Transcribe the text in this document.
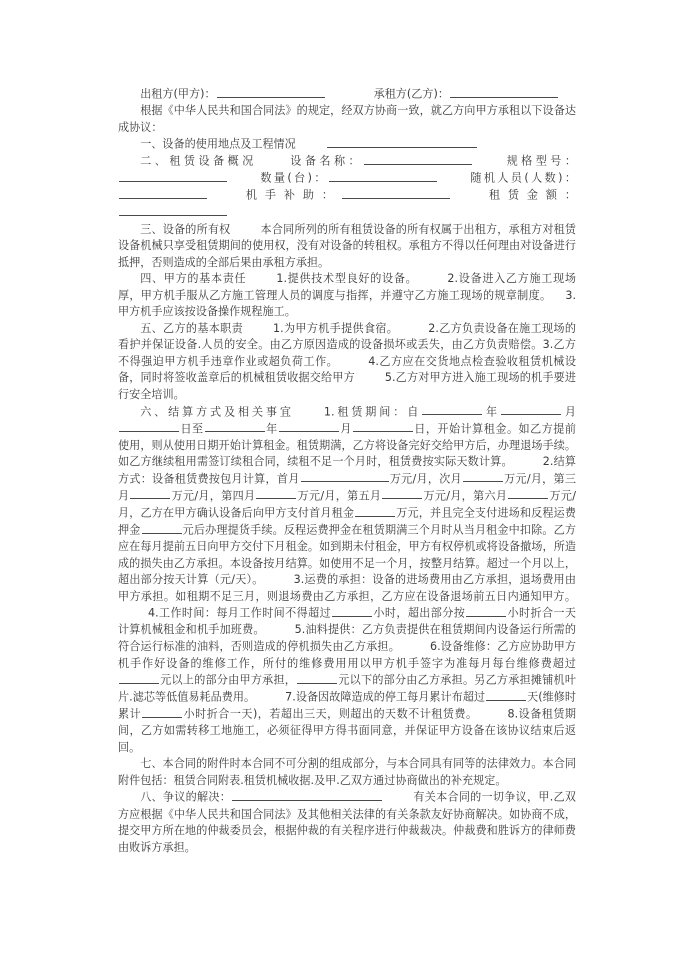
出租方(甲方)：	承租方(乙方)：

根据《中华人民共和国合同法》的规定，经双方协商一致，就乙方向甲方承租以下设备达成协议：

一、设备的使用地点及工程情况

二、租赁设备概况	设备名称：	规格型号：数量(台)：	随机人员(人数)：机手补助：	租赁金额：

三、设备的所有权	本合同所列的所有租赁设备的所有权属于出租方，承租方对租赁设备机械只享受租赁期间的使用权，没有对设备的转租权。承租方不得以任何理由对设备进行抵押，否则造成的全部后果由承租方承担。

四、甲方的基本责任	1.提供技术型良好的设备。	2.设备进入乙方施工现场厚，甲方机手服从乙方施工管理人员的调度与指挥，并遵守乙方施工现场的规章制度。 3.甲方机手应该按设备操作规程施工。

五、乙方的基本职责	1.为甲方机手提供食宿。	2.乙方负责设备在施工现场的看护并保证设备.人员的安全。由乙方原因造成的设备损坏或丢失，由乙方负责赔偿。3.乙方不得强迫甲方机手违章作业或超负荷工作。	4.乙方应在交货地点检查验收租赁机械设备，同时将签收盖章后的机械租赁收据交给甲方	5.乙方对甲方进入施工现场的机手要进行安全培训。

六、结算方式及相关事宜	1.租赁期间：自	年	月日至	年	月	日，开始计算租金。如乙方提前使用，则从使用日期开始计算租金。租赁期满，乙方将设备完好交给甲方后，办理退场手续。如乙方继续租用需签订续租合同，续租不足一个月时，租赁费按实际天数计算。	2.结算方式：设备租赁费按包月计算，首月	万元/月，次月	万元/月，第三月	万元/月，第四月	万元/月，第五月	万元/月，第六月	万元/月，乙方在甲方确认设备后向甲方支付首月租金	万元，并且完全支付进场和反程运费押金	元后办理提货手续。反程运费押金在租赁期满三个月时从当月租金中扣除。乙方应在每月提前五日向甲方交付下月租金。如到期未付租金，甲方有权停机或将设备撤场，所造成的损失由乙方承担。本设备按月结算。如使用不足一个月，按整月结算。超过一个月以上，超出部分按天计算（元/天）。	3.运费的承担：设备的进场费用由乙方承担，退场费用由甲方承担。如租期不足三月，则退场费由乙方承担，乙方应在设备退场前五日内通知甲方。4.工作时间：每月工作时间不得超过	小时，超出部分按	小时折合一天计算机械租金和机手加班费。	5.油料提供：乙方负责提供在租赁期间内设备运行所需的符合运行标准的油料，否则造成的停机损失由乙方承担。	6.设备维修：乙方应协助甲方机手作好设备的维修工作，所付的维修费用用以甲方机手签字为准每月每台维修费超过元以上的部分由甲方承担，	元以下的部分由乙方承担。另乙方承担摊铺机叶片.滤芯等低值易耗品费用。	7.设备因故障造成的停工每月累计布超过	天(维修时累计	小时折合一天)，若超出三天，则超出的天数不计租赁费。	8.设备租赁期间，乙方如需转移工地施工，必须征得甲方得书面同意，并保证甲方设备在该协议结束后返回。

七、本合同的附件时本合同不可分割的组成部分，与本合同具有同等的法律效力。本合同附件包括：租赁合同附表.租赁机械收据.及甲.乙双方通过协商做出的补充规定。

八、争议的解决：	有关本合同的一切争议，甲.乙双方应根据《中华人民共和国合同法》及其他相关法律的有关条款友好协商解决。如协商不成，提交甲方所在地的仲裁委员会，根据仲裁的有关程序进行仲裁裁决。仲裁费和胜诉方的律师费由败诉方承担。
